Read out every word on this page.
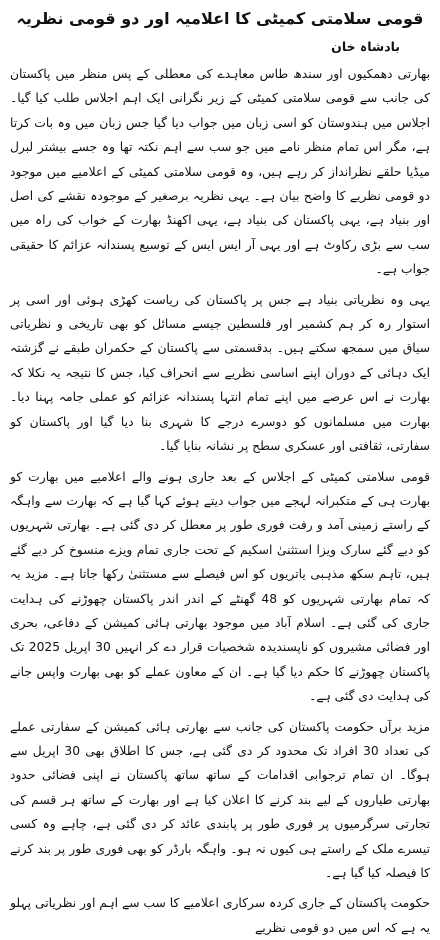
قومی سلامتی کمیٹی کا اعلامیہ اور دو قومی نظریہ
بادشاہ خان

بھارتی دھمکیوں اور سندھ طاس معاہدے کی معطلی کے پس منظر میں پاکستان کی جانب سے قومی سلامتی کمیٹی کے زیر نگرانی ایک اہم اجلاس طلب کیا گیا۔ اجلاس میں ہندوستان کو اسی زبان میں جواب دیا گیا جس زبان میں وہ بات کرتا ہے، مگر اس تمام منظر نامے میں جو سب سے اہم نکتہ تھا وہ جسے بیشتر لبرل میڈیا حلقے نظرانداز کر رہے ہیں، وہ قومی سلامتی کمیٹی کے اعلامیے میں موجود دو قومی نظریے کا واضح بیان ہے۔ یہی نظریہ برصغیر کے موجودہ نقشے کی اصل اور بنیاد ہے، یہی پاکستان کی بنیاد ہے، یہی اکھنڈ بھارت کے خواب کی راہ میں سب سے بڑی رکاوٹ ہے اور یہی آر ایس ایس کے توسیع پسندانہ عزائم کا حقیقی جواب ہے۔

یہی وہ نظریاتی بنیاد ہے جس پر پاکستان کی ریاست کھڑی ہوئی اور اسی پر استوار رہ کر ہم کشمیر اور فلسطین جیسے مسائل کو بھی تاریخی و نظریاتی سیاق میں سمجھ سکتے ہیں۔ بدقسمتی سے پاکستان کے حکمران طبقے نے گزشتہ ایک دہائی کے دوران اپنے اساسی نظریے سے انحراف کیا، جس کا نتیجہ یہ نکلا کہ بھارت نے اس عرصے میں اپنے تمام انتہا پسندانہ عزائم کو عملی جامہ پہنا دیا۔ بھارت میں مسلمانوں کو دوسرے درجے کا شہری بنا دیا گیا اور پاکستان کو سفارتی، ثقافتی اور عسکری سطح پر نشانہ بنایا گیا۔

قومی سلامتی کمیٹی کے اجلاس کے بعد جاری ہونے والے اعلامیے میں بھارت کو بھارت ہی کے متکبرانہ لہجے میں جواب دیتے ہوئے کہا گیا ہے کہ بھارت سے واہگہ کے راستے زمینی آمد و رفت فوری طور پر معطل کر دی گئی ہے۔ بھارتی شہریوں کو دیے گئے سارک ویزا استثنیٰ اسکیم کے تحت جاری تمام ویزے منسوخ کر دیے گئے ہیں، تاہم سکھ مذہبی یاتریوں کو اس فیصلے سے مستثنیٰ رکھا جاتا ہے۔ مزید یہ کہ تمام بھارتی شہریوں کو 48 گھنٹے کے اندر اندر پاکستان چھوڑنے کی ہدایت جاری کی گئی ہے۔ اسلام آباد میں موجود بھارتی ہائی کمیشن کے دفاعی، بحری اور فضائی مشیروں کو ناپسندیدہ شخصیات قرار دے کر انہیں 30 اپریل 2025 تک پاکستان چھوڑنے کا حکم دیا گیا ہے۔ ان کے معاون عملے کو بھی بھارت واپس جانے کی ہدایت دی گئی ہے۔

مزید برآں حکومت پاکستان کی جانب سے بھارتی ہائی کمیشن کے سفارتی عملے کی تعداد 30 افراد تک محدود کر دی گئی ہے، جس کا اطلاق بھی 30 اپریل سے ہوگا۔ ان تمام ترجوابی اقدامات کے ساتھ ساتھ پاکستان نے اپنی فضائی حدود بھارتی طیاروں کے لیے بند کرنے کا اعلان کیا ہے اور بھارت کے ساتھ ہر قسم کی تجارتی سرگرمیوں پر فوری طور پر پابندی عائد کر دی گئی ہے، چاہے وہ کسی تیسرے ملک کے راستے ہی کیوں نہ ہو۔ واہگہ بارڈر کو بھی فوری طور پر بند کرنے کا فیصلہ کیا گیا ہے۔

حکومت پاکستان کے جاری کردہ سرکاری اعلامیے کا سب سے اہم اور نظریاتی پہلو یہ ہے کہ اس میں دو قومی نظریے
